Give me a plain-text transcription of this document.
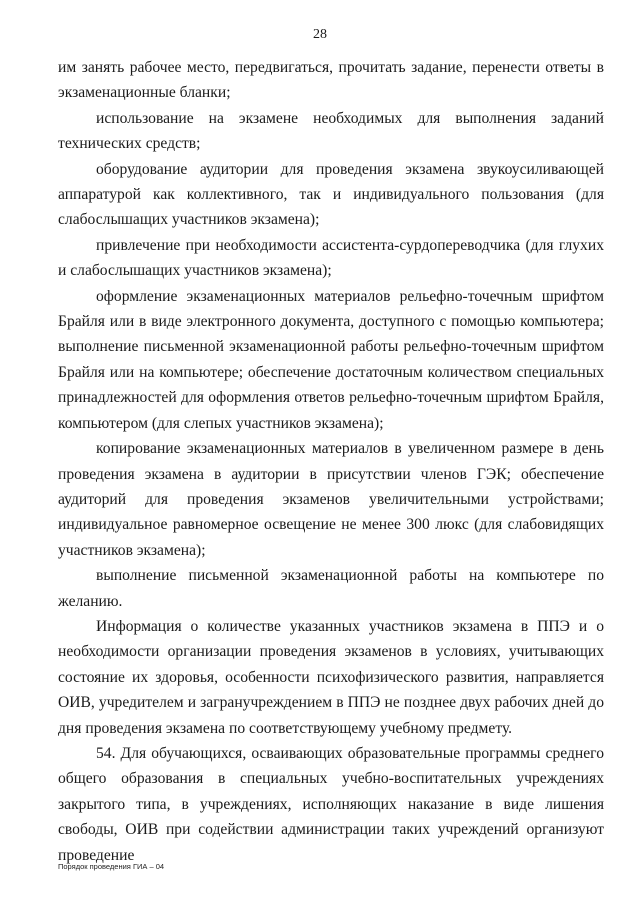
28

им занять рабочее место, передвигаться, прочитать задание, перенести ответы в экзаменационные бланки;

использование на экзамене необходимых для выполнения заданий технических средств;

оборудование аудитории для проведения экзамена звукоусиливающей аппаратурой как коллективного, так и индивидуального пользования (для слабослышащих участников экзамена);

привлечение при необходимости ассистента-сурдопереводчика (для глухих и слабослышащих участников экзамена);

оформление экзаменационных материалов рельефно-точечным шрифтом Брайля или в виде электронного документа, доступного с помощью компьютера; выполнение письменной экзаменационной работы рельефно-точечным шрифтом Брайля или на компьютере; обеспечение достаточным количеством специальных принадлежностей для оформления ответов рельефно-точечным шрифтом Брайля, компьютером (для слепых участников экзамена);

копирование экзаменационных материалов в увеличенном размере в день проведения экзамена в аудитории в присутствии членов ГЭК; обеспечение аудиторий для проведения экзаменов увеличительными устройствами; индивидуальное равномерное освещение не менее 300 люкс (для слабовидящих участников экзамена);

выполнение письменной экзаменационной работы на компьютере по желанию.

Информация о количестве указанных участников экзамена в ППЭ и о необходимости организации проведения экзаменов в условиях, учитывающих состояние их здоровья, особенности психофизического развития, направляется ОИВ, учредителем и загранучреждением в ППЭ не позднее двух рабочих дней до дня проведения экзамена по соответствующему учебному предмету.

54. Для обучающихся, осваивающих образовательные программы среднего общего образования в специальных учебно-воспитательных учреждениях закрытого типа, в учреждениях, исполняющих наказание в виде лишения свободы, ОИВ при содействии администрации таких учреждений организуют проведение

Порядок проведения ГИА – 04
